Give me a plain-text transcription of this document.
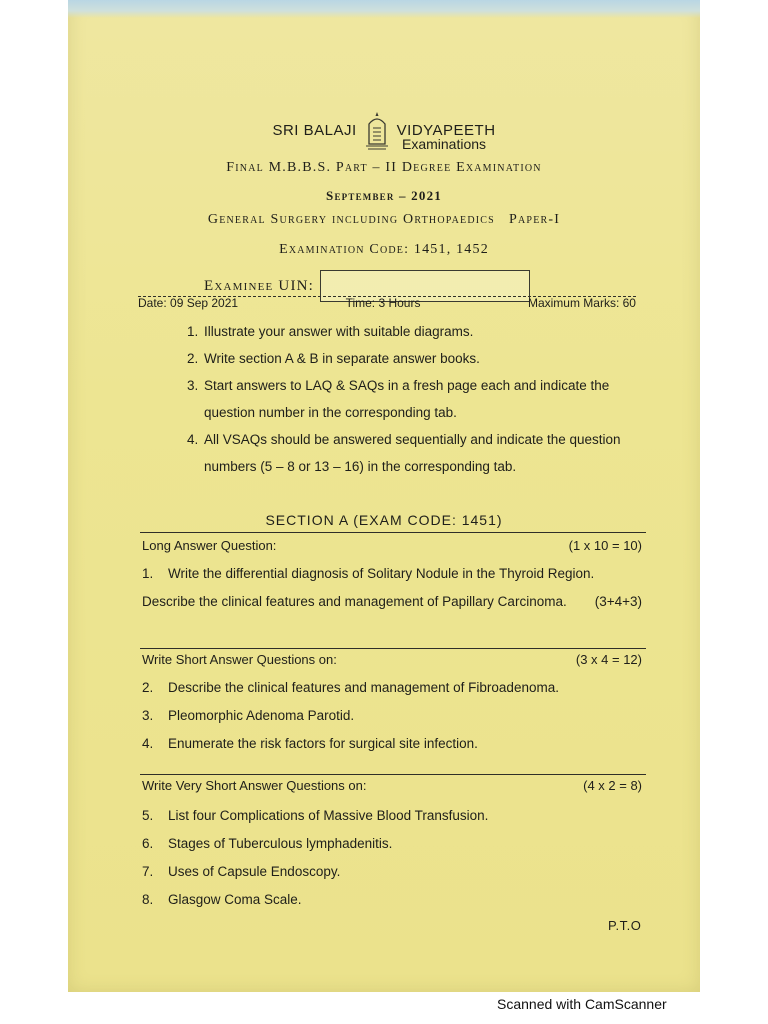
SRI BALAJI	VIDYAPEETH
Examinations
Final M.B.B.S. Part – II Degree Examination
September – 2021
General Surgery including Orthopaedics   Paper-I
Examination Code: 1451, 1452
Examinee UIN:
Date: 09 Sep 2021	Time: 3 Hours	Maximum Marks: 60
1. Illustrate your answer with suitable diagrams.
2. Write section A & B in separate answer books.
3. Start answers to LAQ & SAQs in a fresh page each and indicate the question number in the corresponding tab.
4. All VSAQs should be answered sequentially and indicate the question numbers (5 – 8 or 13 – 16) in the corresponding tab.
SECTION A (EXAM CODE: 1451)
Long Answer Question:	(1 x 10 = 10)
1. Write the differential diagnosis of Solitary Nodule in the Thyroid Region. Describe the clinical features and management of Papillary Carcinoma. (3+4+3)
Write Short Answer Questions on:	(3 x 4 = 12)
2. Describe the clinical features and management of Fibroadenoma.
3. Pleomorphic Adenoma Parotid.
4. Enumerate the risk factors for surgical site infection.
Write Very Short Answer Questions on:	(4 x 2 = 8)
5. List four Complications of Massive Blood Transfusion.
6. Stages of Tuberculous lymphadenitis.
7. Uses of Capsule Endoscopy.
8. Glasgow Coma Scale.
P.T.O
Scanned with CamScanner
